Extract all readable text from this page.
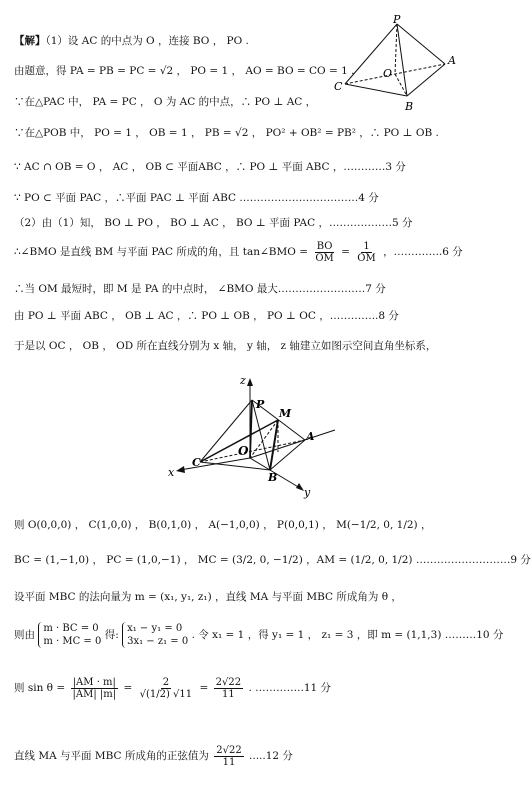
P
A
O
C
B
【解】（1）设 AC 的中点为 O ，连接 BO ， PO .
由题意，得 PA = PB = PC = √2 ， PO = 1 ， AO = BO = CO = 1 .
∵在△PAC 中， PA = PC ， O 为 AC 的中点，∴ PO ⊥ AC ，
∵在△POB 中， PO = 1 ， OB = 1 ， PB = √2 ， PO² + OB² = PB² ，∴ PO ⊥ OB .
∵ AC ∩ OB = O ， AC ， OB ⊂ 平面ABC ，∴ PO ⊥ 平面 ABC ，…………3 分
∵ PO ⊂ 平面 PAC ，∴平面 PAC ⊥ 平面 ABC .……………………………4 分
（2）由（1）知， BO ⊥ PO ， BO ⊥ AC ， BO ⊥ 平面 PAC ，………………5 分
∴∠BMO 是直线 BM 与平面 PAC 所成的角，且 tan∠BMO = $\frac{BO}{OM} = \frac{1}{OM}$ ，…………..6 分
∴当 OM 最短时，即 M 是 PA 的中点时， ∠BMO 最大.……………………7 分
由 PO ⊥ 平面 ABC ， OB ⊥ AC ，∴ PO ⊥ OB ， PO ⊥ OC ，…………..8 分
于是以 OC ， OB ， OD 所在直线分别为 x 轴， y 轴， z 轴建立如图示空间直角坐标系，
z
P
M
A
O
C
B
x
y
则 O(0,0,0) ， C(1,0,0) ， B(0,1,0) ， A(−1,0,0) ， P(0,0,1) ， M(−1/2, 0, 1/2) ，
BC = (1,−1,0) ， PC = (1,0,−1) ， MC = (3/2, 0, −1/2) ，AM = (1/2, 0, 1/2) ………………………9 分
设平面 MBC 的法向量为 m = (x₁, y₁, z₁) ，直线 MA 与平面 MBC 所成角为 θ ，
则由 m · BC = 0
m · MC = 0 得: x₁ − y₁ = 0
3x₁ − z₁ = 0 . 令 x₁ = 1 ，得 y₁ = 1 ， z₁ = 3 ，即 m = (1,1,3) ………10 分
则 $\sin \theta = \frac{|AM \cdot m|}{|AM| |m|} = \frac{2}{√(1/2) √11} = \frac{2√22}{11}$ . …………..11 分
直线 MA 与平面 MBC 所成角的正弦值为 $\frac{2√22}{11} .....12$ 分
